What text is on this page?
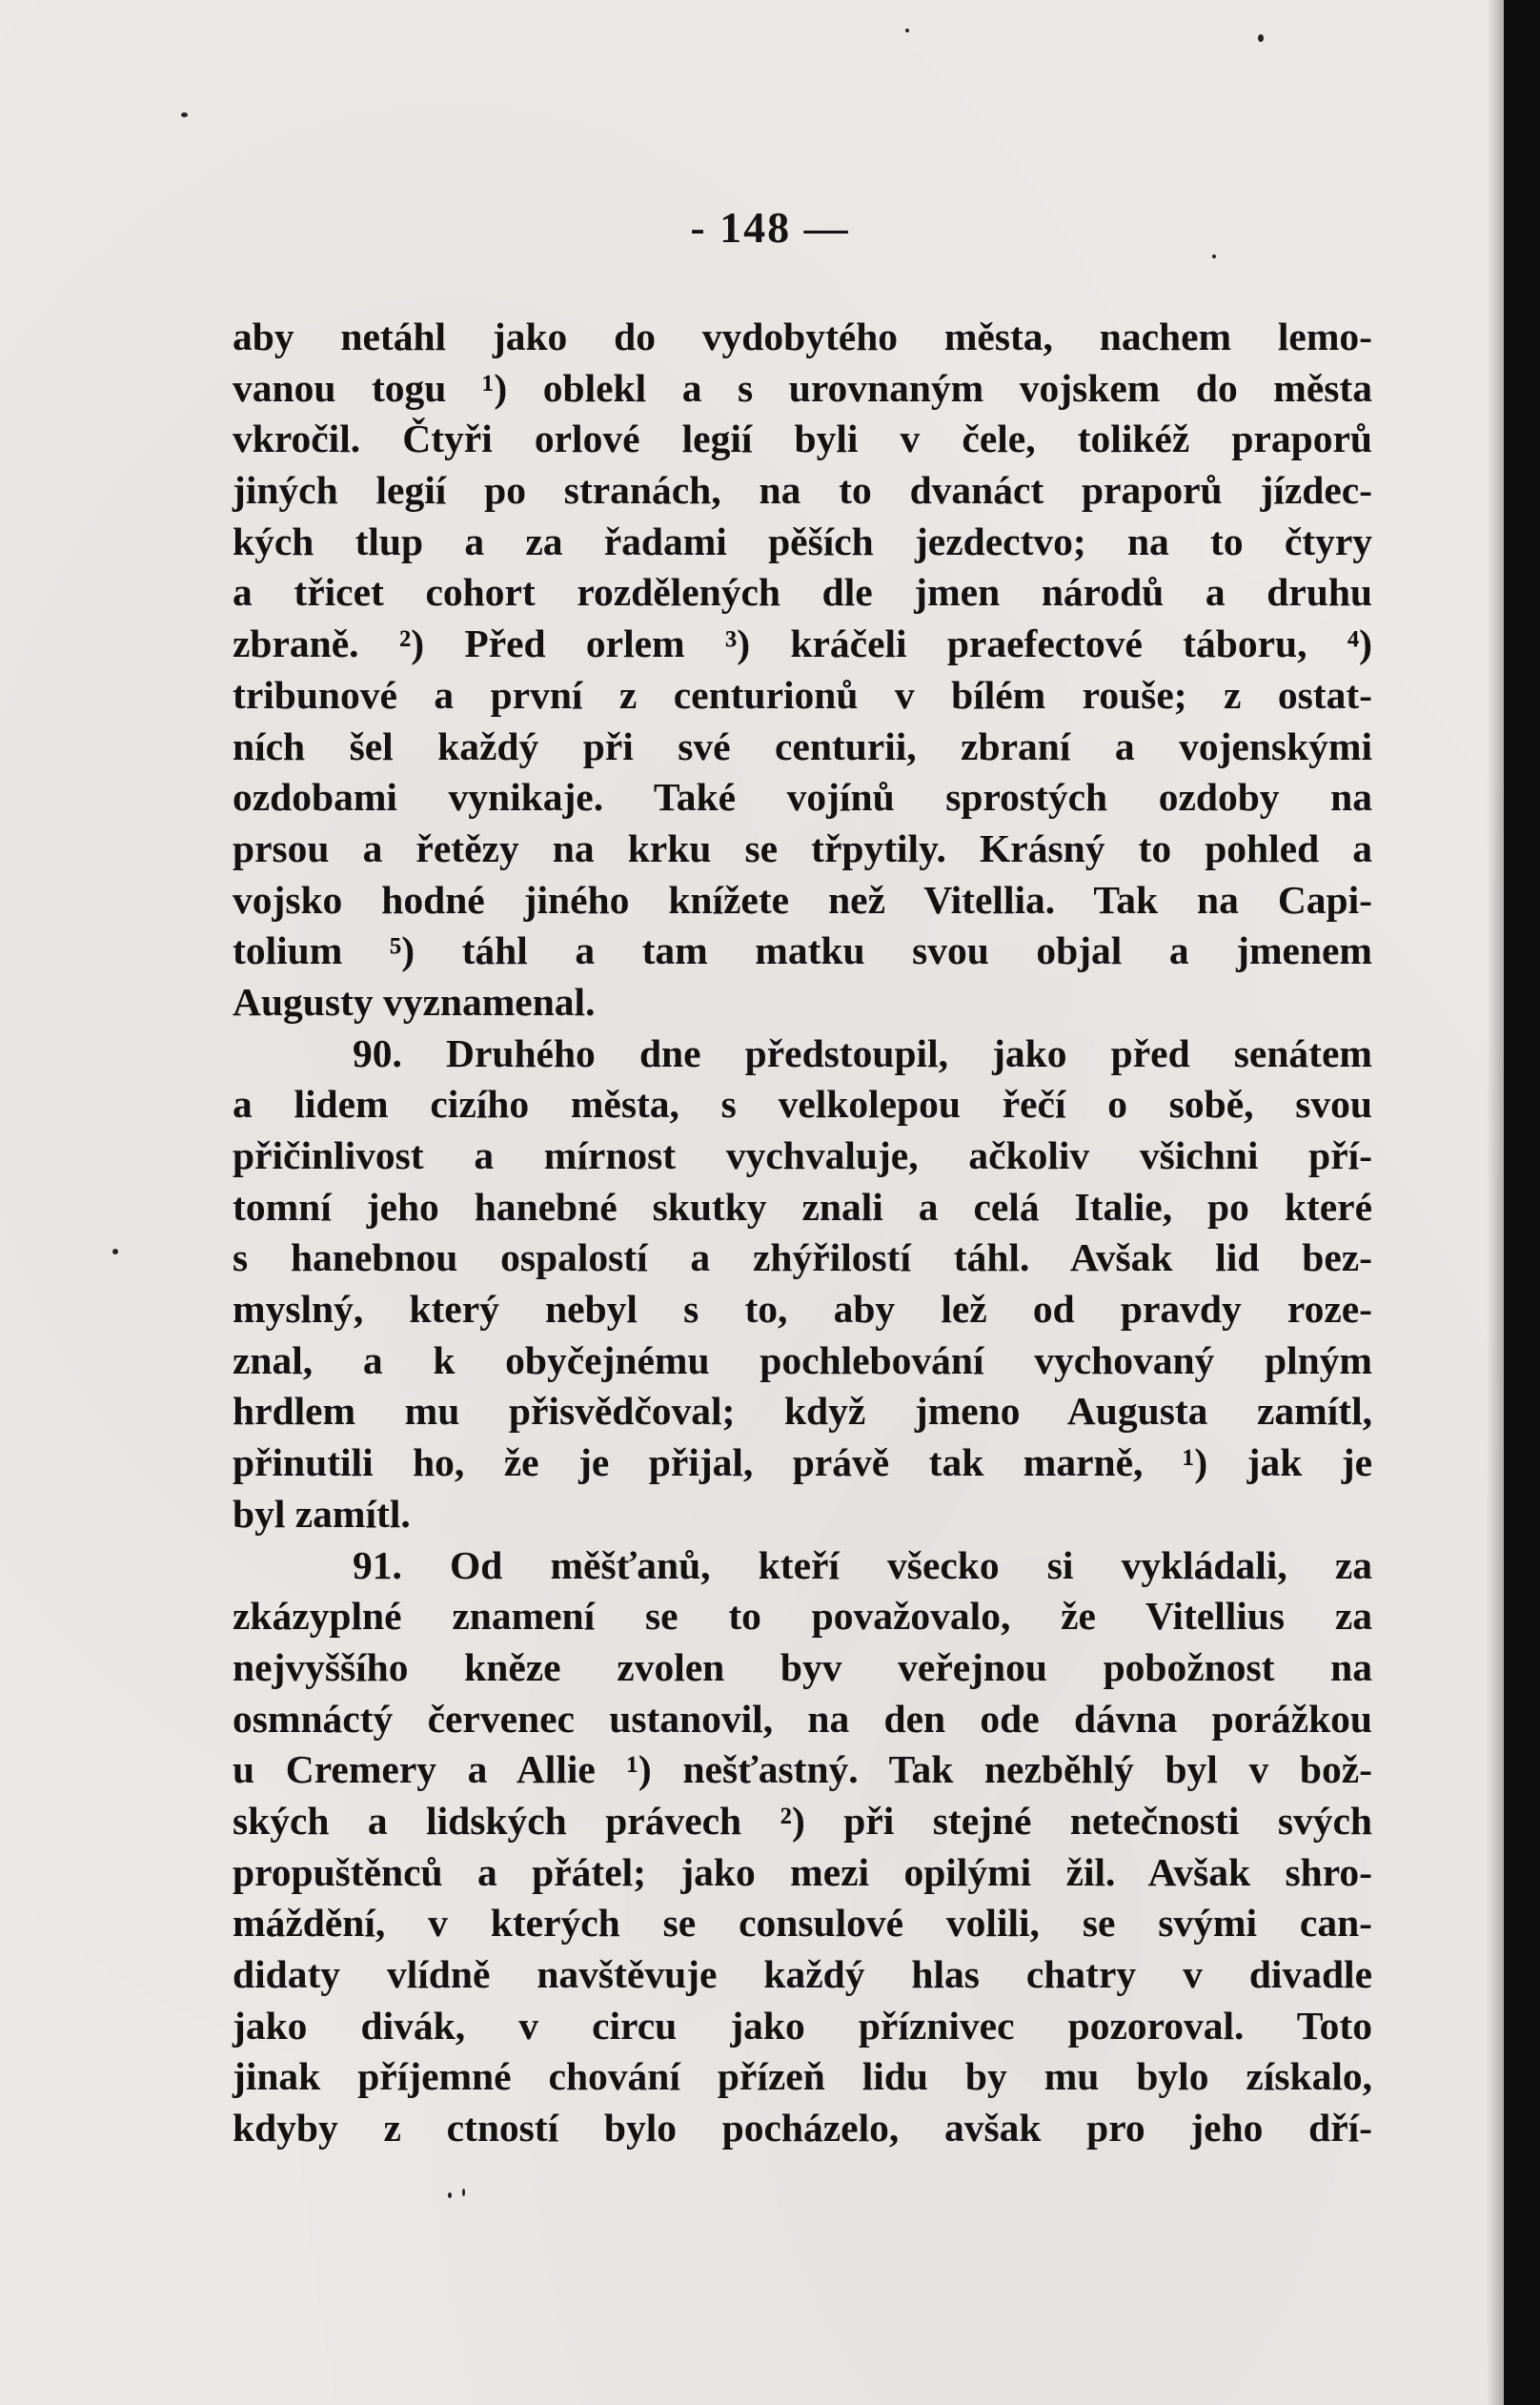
- 148 —
aby netáhl jako do vydobytého města, nachem lemo-
vanou togu ¹) oblekl a s urovnaným vojskem do města
vkročil. Čtyři orlové legií byli v čele, tolikéž praporů
jiných legií po stranách, na to dvanáct praporů jízdec-
kých tlup a za řadami pěších jezdectvo; na to čtyry
a třicet cohort rozdělených dle jmen národů a druhu
zbraně. ²) Před orlem ³) kráčeli praefectové táboru, ⁴)
tribunové a první z centurionů v bílém rouše; z ostat-
ních šel každý při své centurii, zbraní a vojenskými
ozdobami vynikaje. Také vojínů sprostých ozdoby na
prsou a řetězy na krku se třpytily. Krásný to pohled a
vojsko hodné jiného knížete než Vitellia. Tak na Capi-
tolium ⁵) táhl a tam matku svou objal a jmenem
Augusty vyznamenal.
90. Druhého dne předstoupil, jako před senátem
a lidem cizího města, s velkolepou řečí o sobě, svou
přičinlivost a mírnost vychvaluje, ačkoliv všichni pří-
tomní jeho hanebné skutky znali a celá Italie, po které
s hanebnou ospalostí a zhýřilostí táhl. Avšak lid bez-
myslný, který nebyl s to, aby lež od pravdy roze-
znal, a k obyčejnému pochlebování vychovaný plným
hrdlem mu přisvědčoval; když jmeno Augusta zamítl,
přinutili ho, že je přijal, právě tak marně, ¹) jak je
byl zamítl.
91. Od měšťanů, kteří všecko si vykládali, za
zkázyplné znamení se to považovalo, že Vitellius za
nejvyššího kněze zvolen byv veřejnou pobožnost na
osmnáctý červenec ustanovil, na den ode dávna porážkou
u Cremery a Allie ¹) nešťastný. Tak nezběhlý byl v bož-
ských a lidských právech ²) při stejné netečnosti svých
propuštěnců a přátel; jako mezi opilými žil. Avšak shro-
máždění, v kterých se consulové volili, se svými can-
didaty vlídně navštěvuje každý hlas chatry v divadle
jako divák, v circu jako příznivec pozoroval. Toto
jinak příjemné chování přízeň lidu by mu bylo získalo,
kdyby z ctností bylo pocházelo, avšak pro jeho dří-
